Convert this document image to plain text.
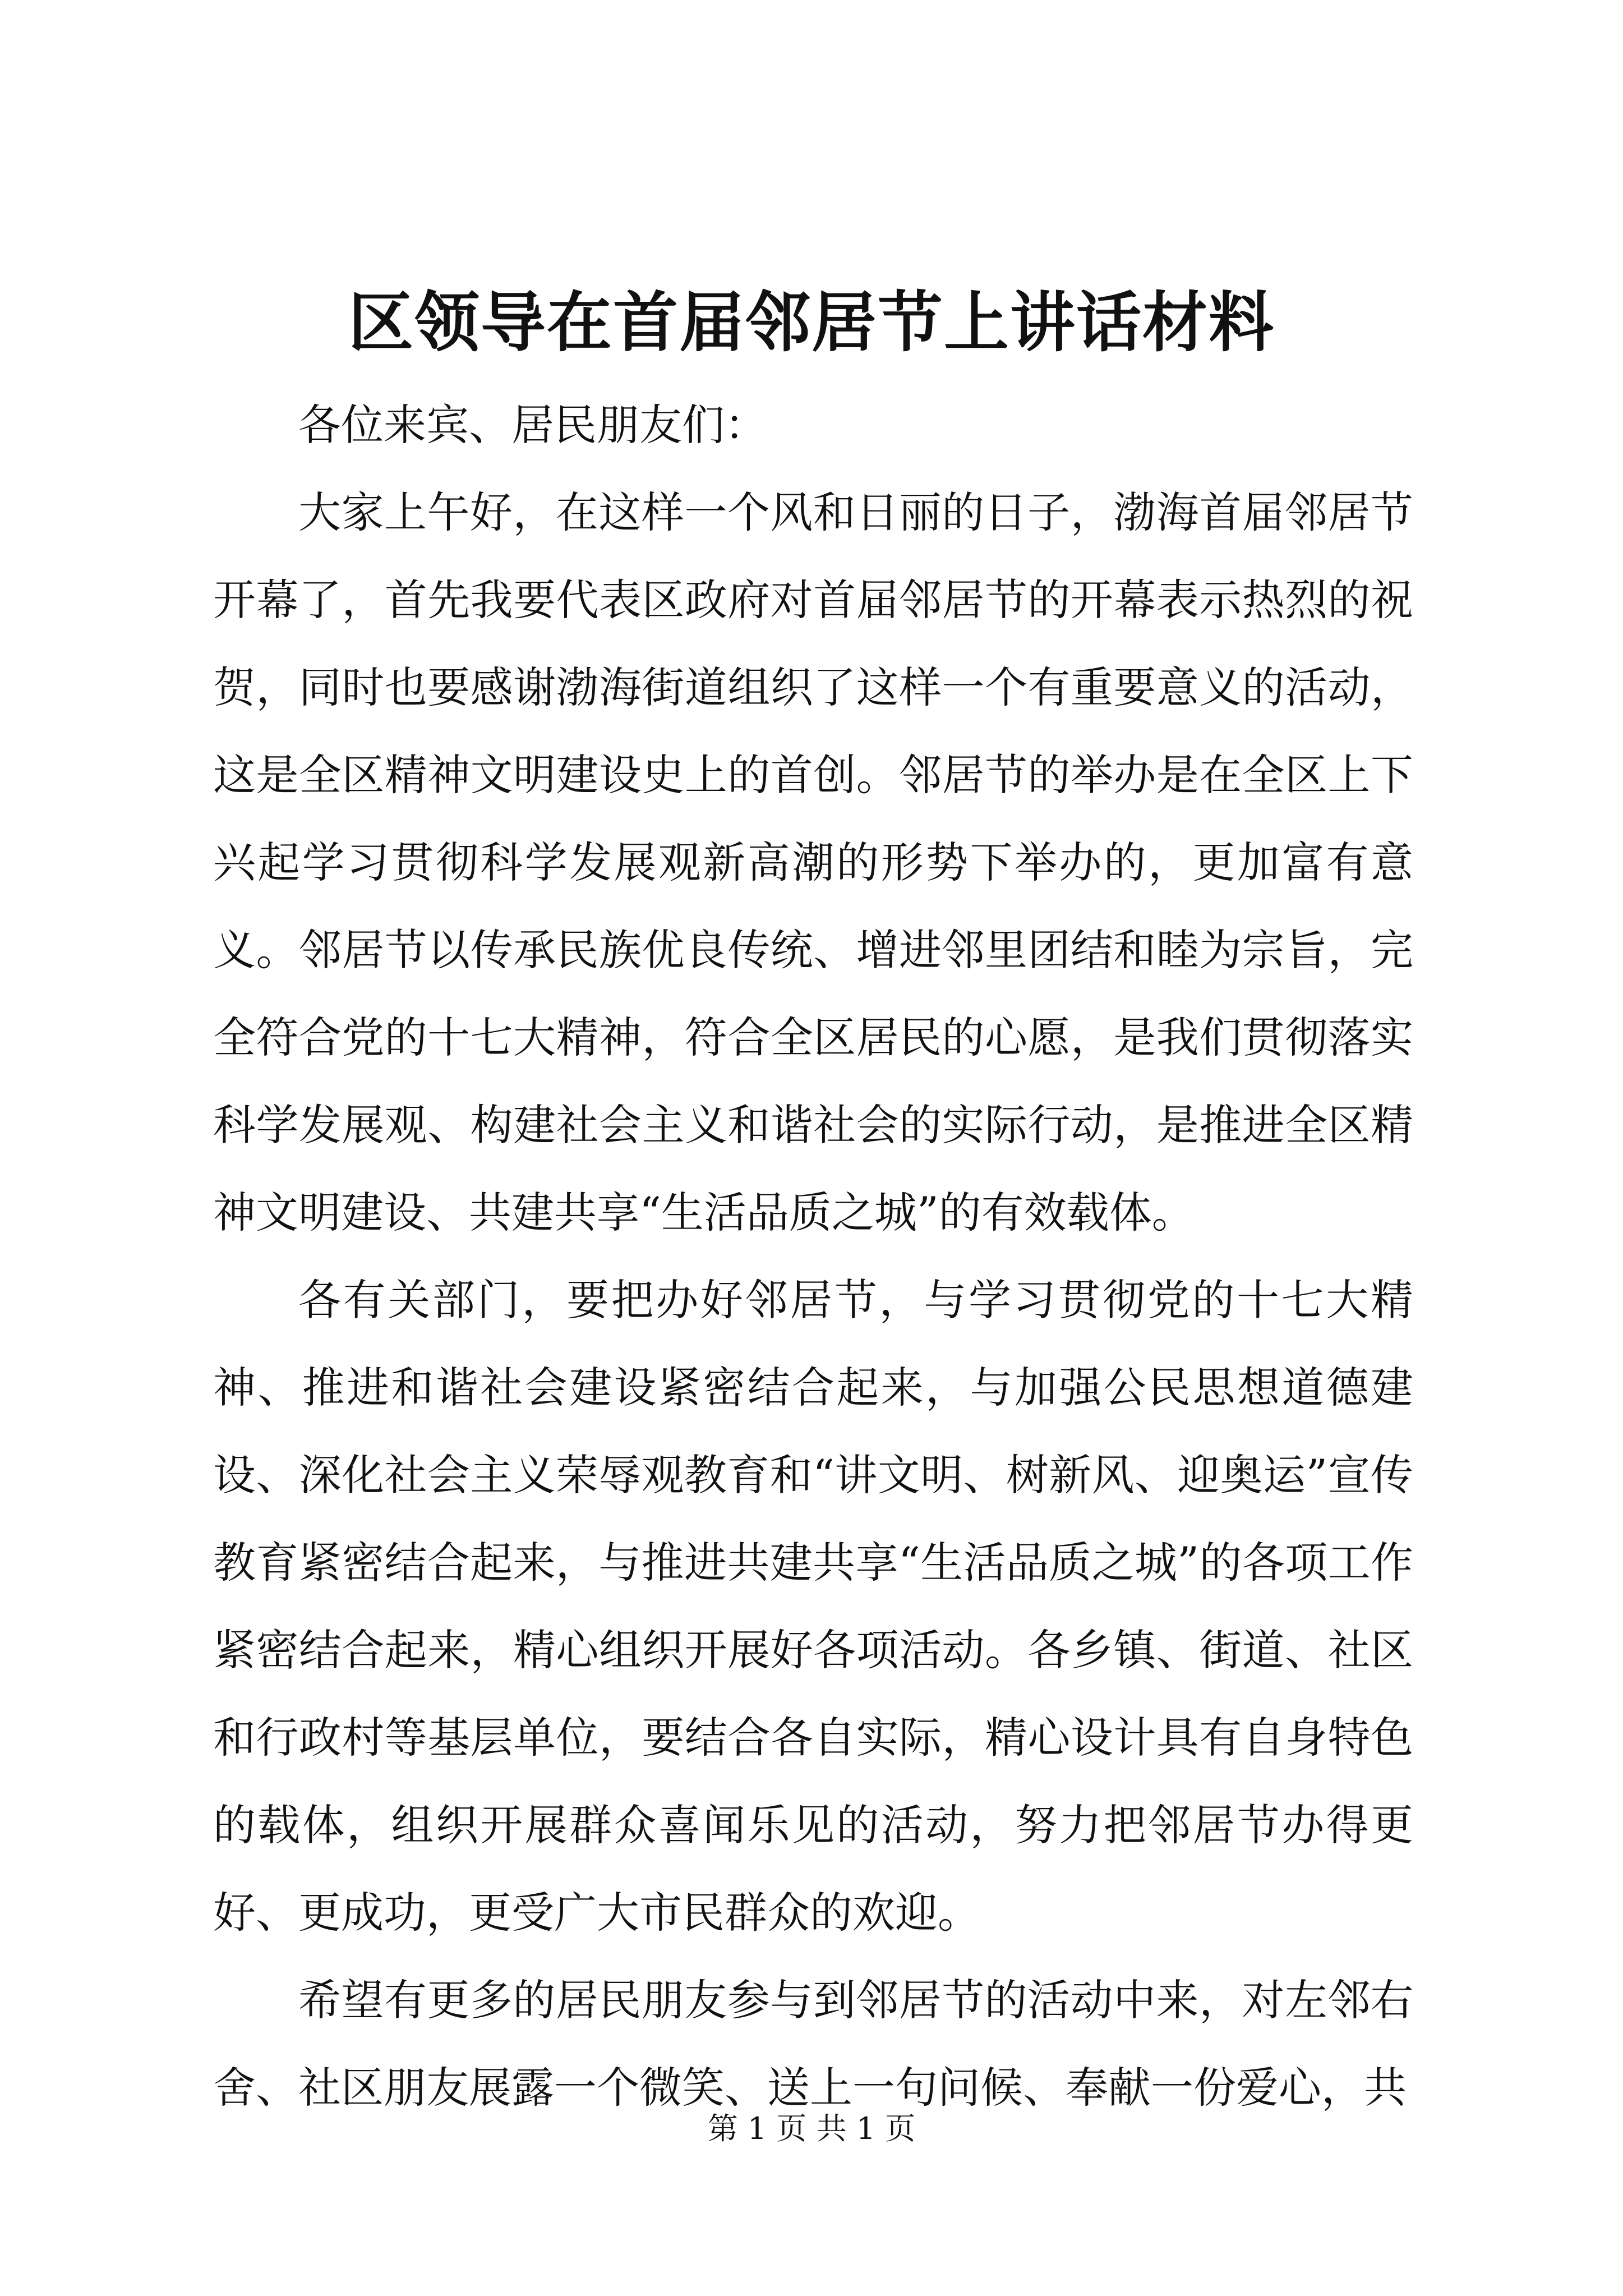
区领导在首届邻居节上讲话材料

各位来宾、居民朋友们：

大家上午好，在这样一个风和日丽的日子，渤海首届邻居节开幕了，首先我要代表区政府对首届邻居节的开幕表示热烈的祝贺，同时也要感谢渤海街道组织了这样一个有重要意义的活动，这是全区精神文明建设史上的首创。邻居节的举办是在全区上下兴起学习贯彻科学发展观新高潮的形势下举办的，更加富有意义。邻居节以传承民族优良传统、增进邻里团结和睦为宗旨，完全符合党的十七大精神，符合全区居民的心愿，是我们贯彻落实科学发展观、构建社会主义和谐社会的实际行动，是推进全区精神文明建设、共建共享“生活品质之城”的有效载体。

各有关部门，要把办好邻居节，与学习贯彻党的十七大精神、推进和谐社会建设紧密结合起来，与加强公民思想道德建设、深化社会主义荣辱观教育和“讲文明、树新风、迎奥运”宣传教育紧密结合起来，与推进共建共享“生活品质之城”的各项工作紧密结合起来，精心组织开展好各项活动。各乡镇、街道、社区和行政村等基层单位，要结合各自实际，精心设计具有自身特色的载体，组织开展群众喜闻乐见的活动，努力把邻居节办得更好、更成功，更受广大市民群众的欢迎。

希望有更多的居民朋友参与到邻居节的活动中来，对左邻右舍、社区朋友展露一个微笑、送上一句问候、奉献一份爱心，共

第 1 页 共 1 页
